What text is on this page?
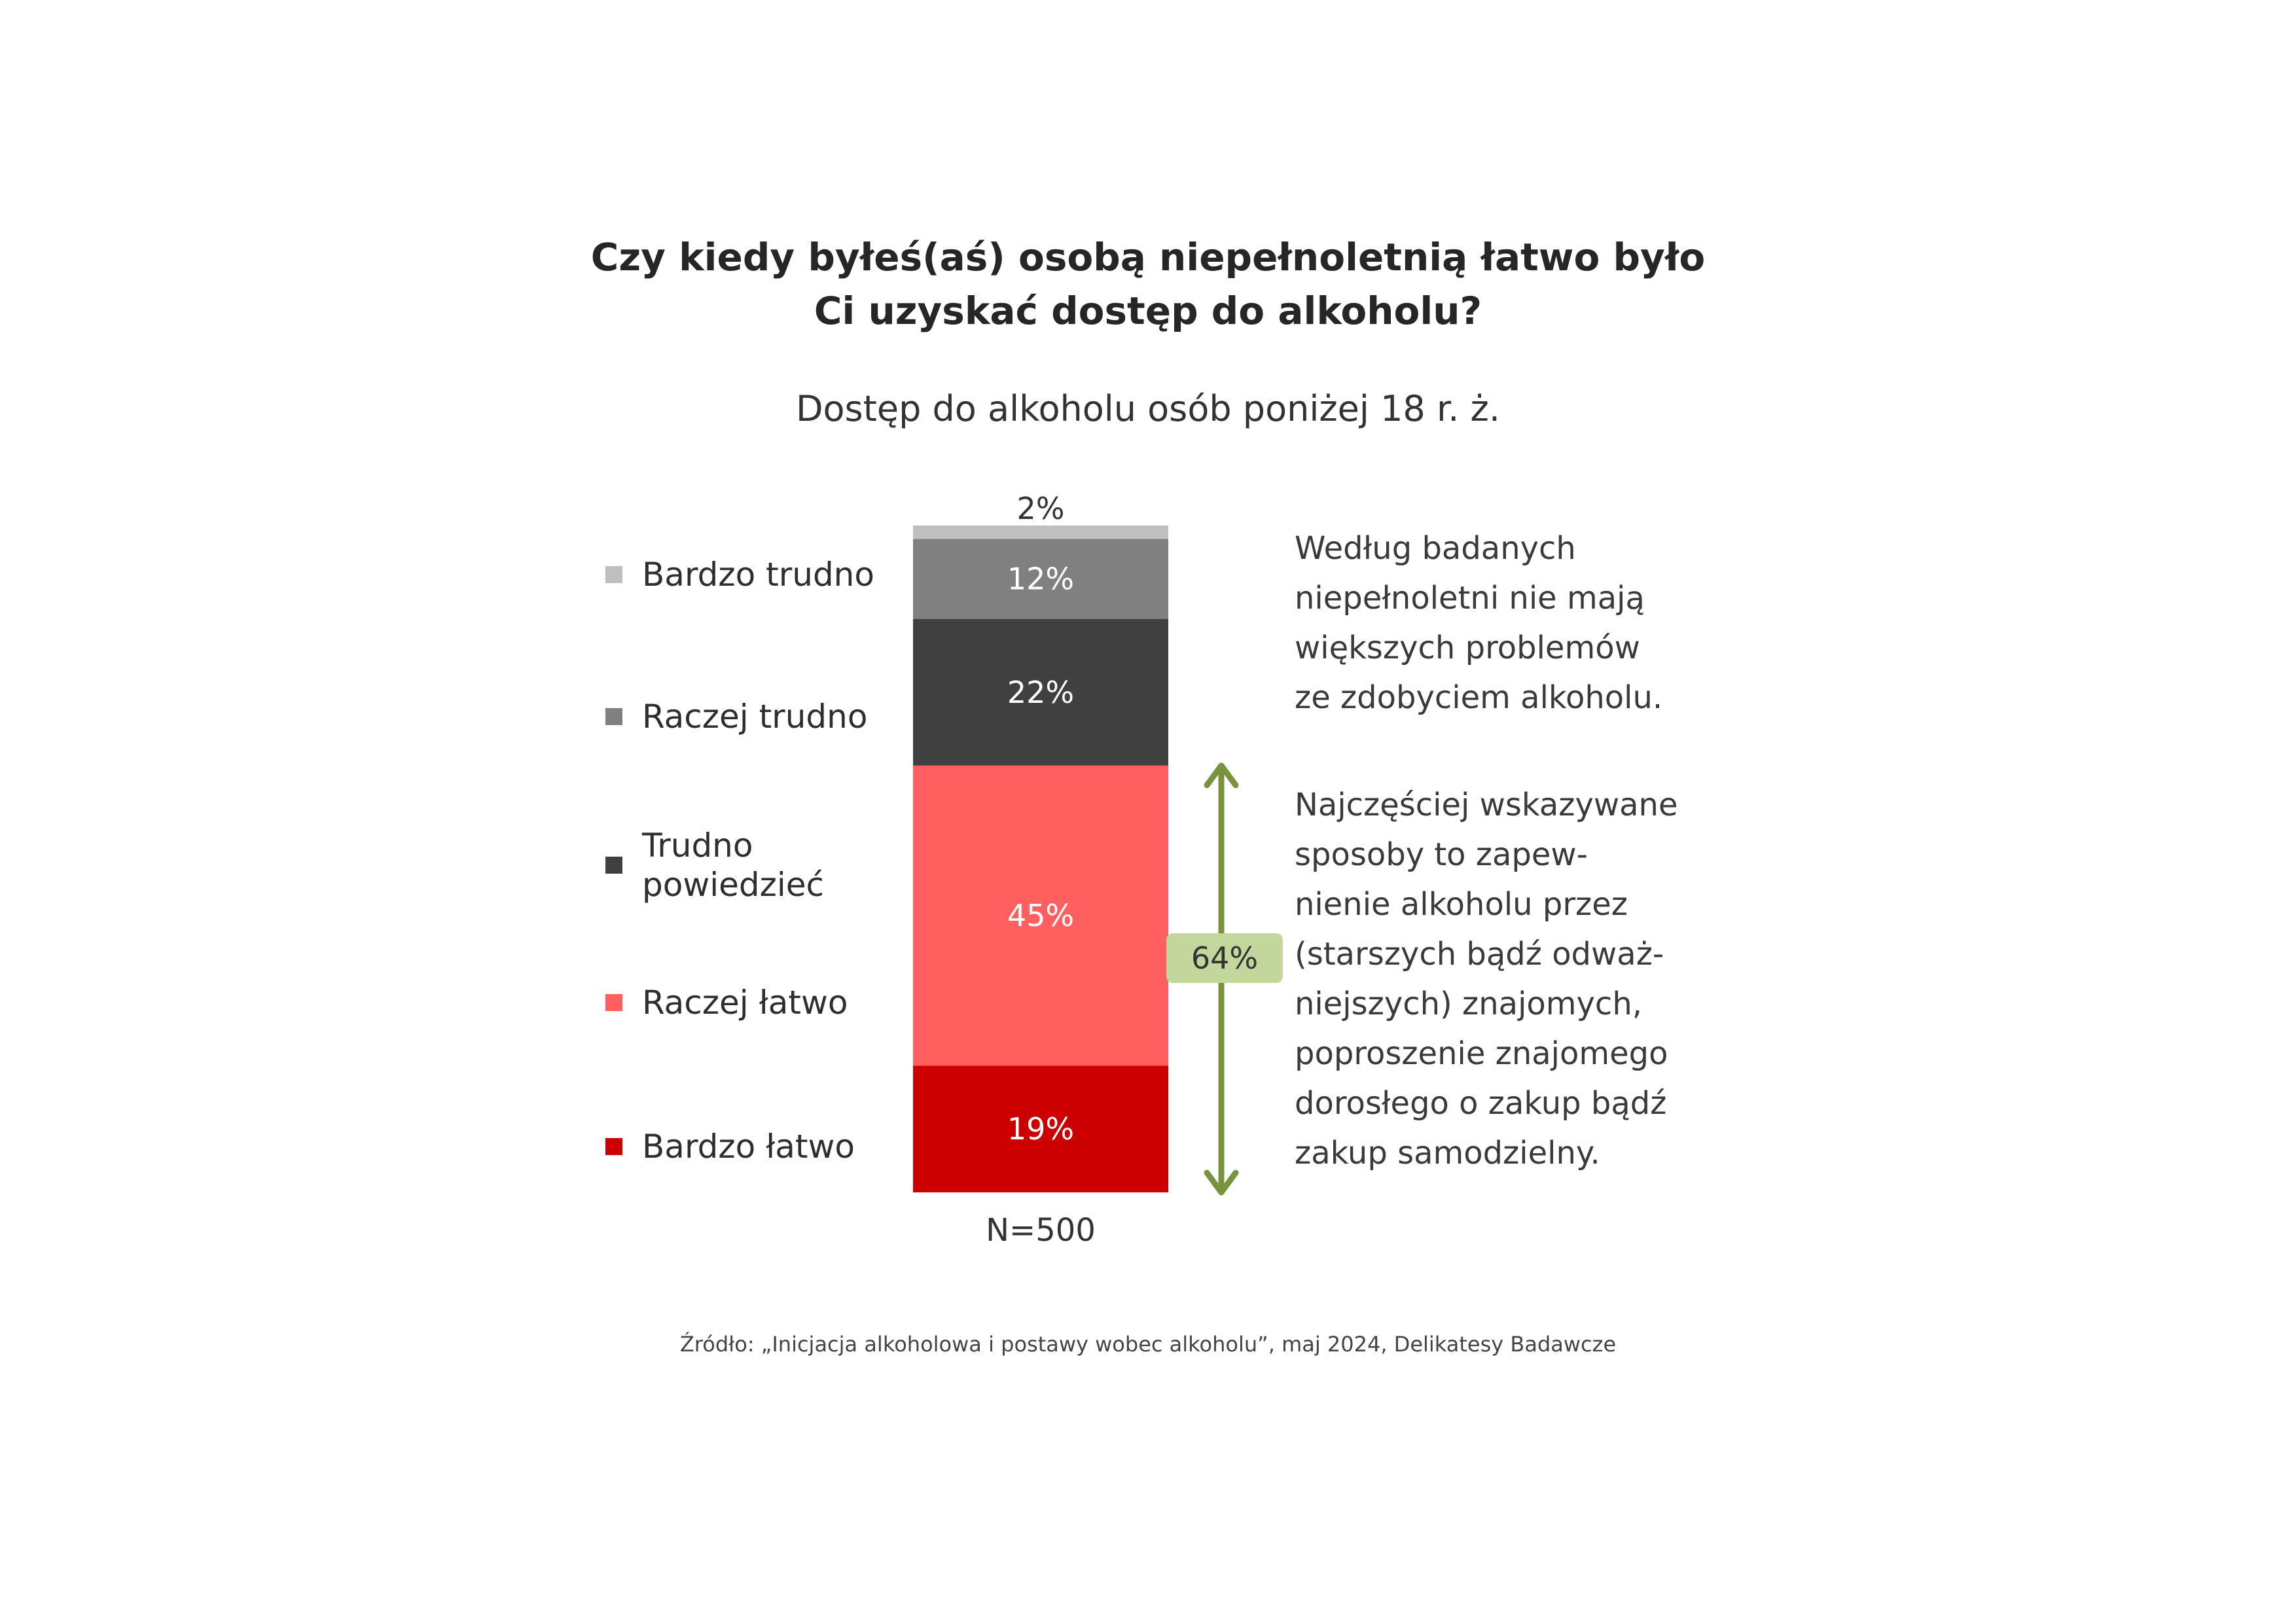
Czy kiedy byłeś(aś) osobą niepełnoletnią łatwo było
Ci uzyskać dostęp do alkoholu?
Dostęp do alkoholu osób poniżej 18 r. ż.
19%
45%
22%
12%
2%
Bardzo trudno
Raczej trudno
Trudno
powiedzieć
Raczej łatwo
Bardzo łatwo
64%
Według badanych
niepełnoletni nie mają
większych problemów
ze zdobyciem alkoholu.
Najczęściej wskazywane
sposoby to zapew-
nienie alkoholu przez
(starszych bądź odważ-
niejszych) znajomych,
poproszenie znajomego
dorosłego o zakup bądź
zakup samodzielny.
N=500
Źródło: „Inicjacja alkoholowa i postawy wobec alkoholu”, maj 2024, Delikatesy Badawcze
